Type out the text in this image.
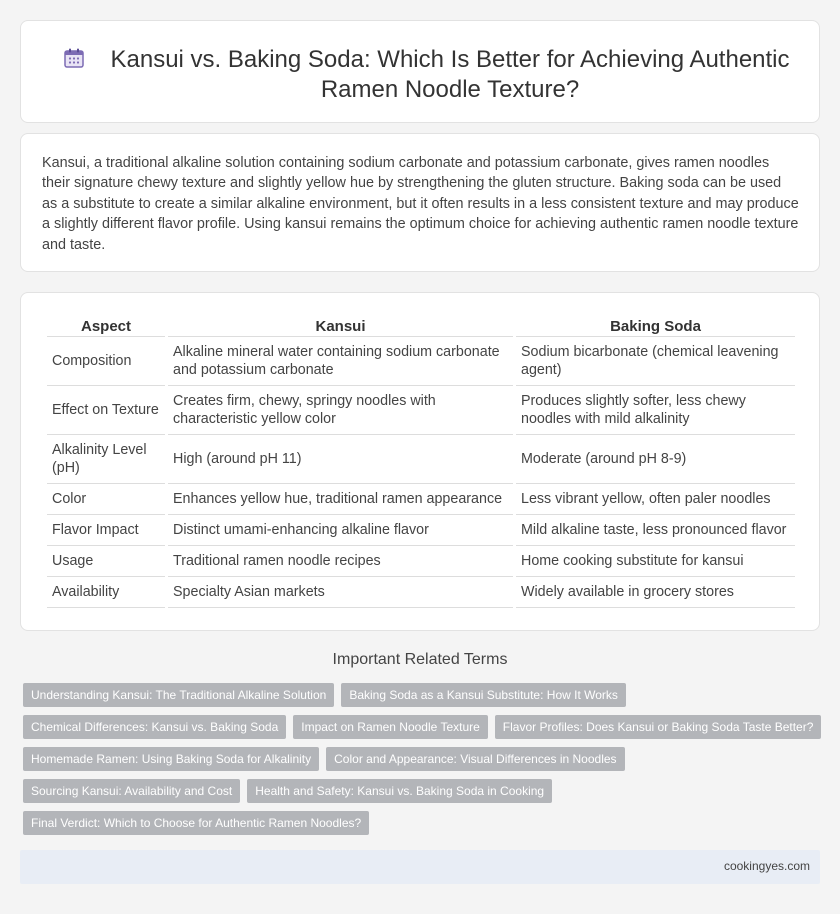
Kansui vs. Baking Soda: Which Is Better for Achieving Authentic Ramen Noodle Texture?

Kansui, a traditional alkaline solution containing sodium carbonate and potassium carbonate, gives ramen noodles their signature chewy texture and slightly yellow hue by strengthening the gluten structure. Baking soda can be used as a substitute to create a similar alkaline environment, but it often results in a less consistent texture and may produce a slightly different flavor profile. Using kansui remains the optimum choice for achieving authentic ramen noodle texture and taste.

Aspect	Kansui	Baking Soda
Composition	Alkaline mineral water containing sodium carbonate and potassium carbonate	Sodium bicarbonate (chemical leavening agent)
Effect on Texture	Creates firm, chewy, springy noodles with characteristic yellow color	Produces slightly softer, less chewy noodles with mild alkalinity
Alkalinity Level (pH)	High (around pH 11)	Moderate (around pH 8-9)
Color	Enhances yellow hue, traditional ramen appearance	Less vibrant yellow, often paler noodles
Flavor Impact	Distinct umami-enhancing alkaline flavor	Mild alkaline taste, less pronounced flavor
Usage	Traditional ramen noodle recipes	Home cooking substitute for kansui
Availability	Specialty Asian markets	Widely available in grocery stores
Important Related Terms
Understanding Kansui: The Traditional Alkaline Solution	Baking Soda as a Kansui Substitute: How It Works
Chemical Differences: Kansui vs. Baking Soda	Impact on Ramen Noodle Texture	Flavor Profiles: Does Kansui or Baking Soda Taste Better?
Homemade Ramen: Using Baking Soda for Alkalinity	Color and Appearance: Visual Differences in Noodles
Sourcing Kansui: Availability and Cost	Health and Safety: Kansui vs. Baking Soda in Cooking
Final Verdict: Which to Choose for Authentic Ramen Noodles?
cookingyes.com
